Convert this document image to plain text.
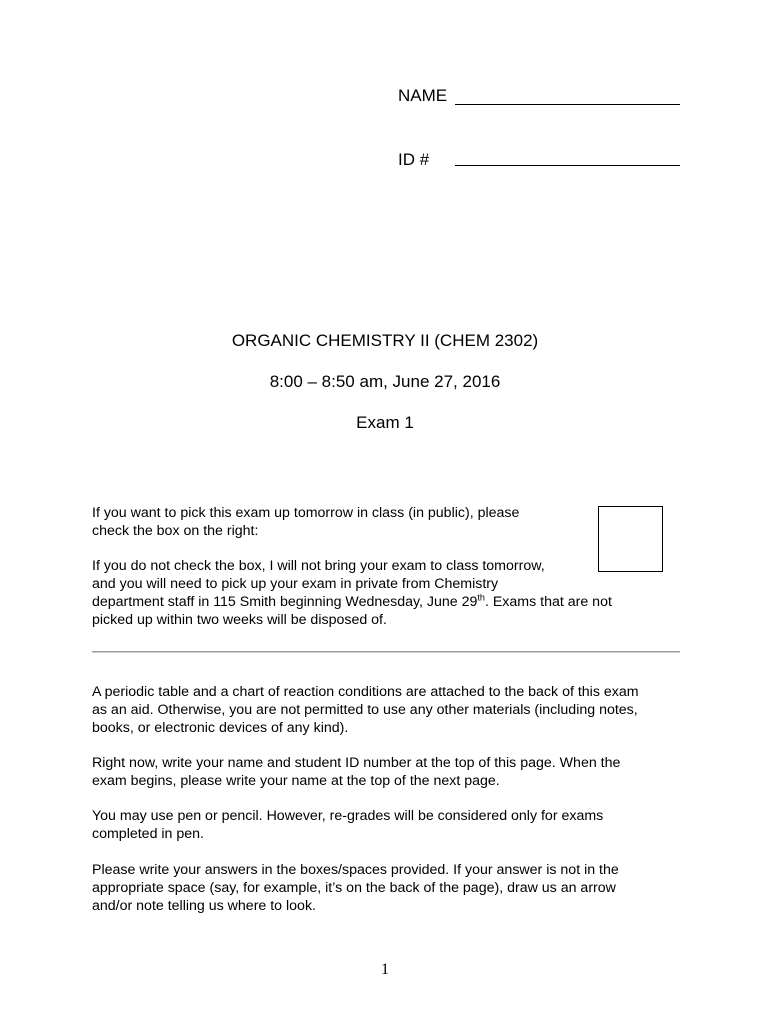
NAME
ID #
ORGANIC CHEMISTRY II (CHEM 2302)
8:00 – 8:50 am, June 27, 2016
Exam 1
If you want to pick this exam up tomorrow in class (in public), please
check the box on the right:
If you do not check the box, I will not bring your exam to class tomorrow,
and you will need to pick up your exam in private from Chemistry
department staff in 115 Smith beginning Wednesday, June 29th. Exams that are not
picked up within two weeks will be disposed of.
A periodic table and a chart of reaction conditions are attached to the back of this exam
as an aid. Otherwise, you are not permitted to use any other materials (including notes,
books, or electronic devices of any kind).
Right now, write your name and student ID number at the top of this page. When the
exam begins, please write your name at the top of the next page.
You may use pen or pencil. However, re-grades will be considered only for exams
completed in pen.
Please write your answers in the boxes/spaces provided. If your answer is not in the
appropriate space (say, for example, it’s on the back of the page), draw us an arrow
and/or note telling us where to look.
1
